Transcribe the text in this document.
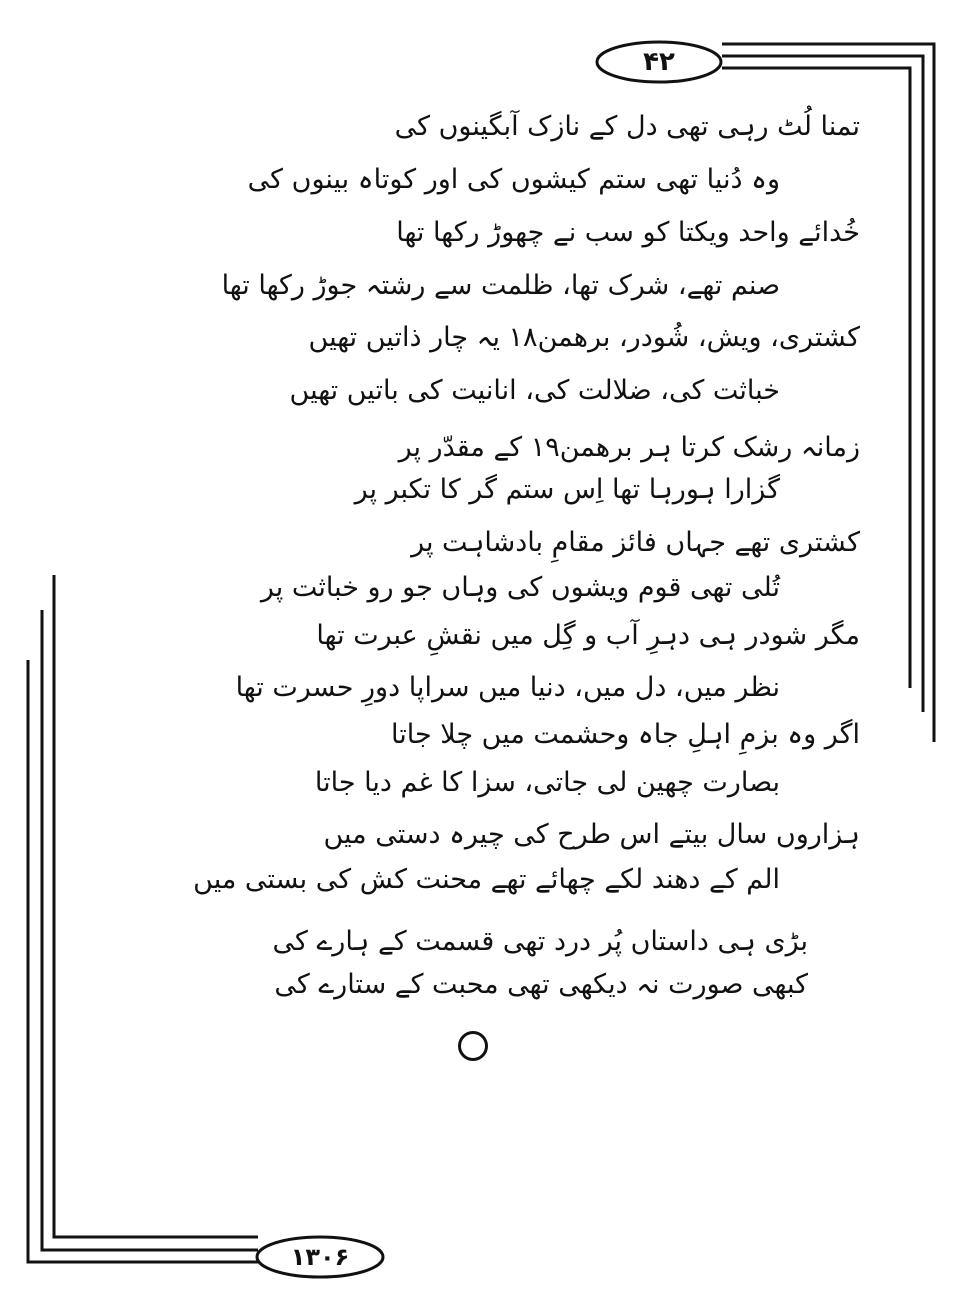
۴۲
۱۳۰۶
تمنا لُٹ رہی تھی دل کے نازک آبگینوں کی
وہ دُنیا تھی ستم کیشوں کی اور کوتاہ بینوں کی
خُدائے واحد ویکتا کو سب نے چھوڑ رکھا تھا
صنم تھے، شرک تھا، ظلمت سے رشتہ جوڑ رکھا تھا
کشتری، ویش، شُودر، برھمن۱۸ یہ چار ذاتیں تھیں
خباثت کی، ضلالت کی، انانیت کی باتیں تھیں
زمانہ رشک کرتا ہر برھمن۱۹ کے مقدّر پر
گزارا ہورہا تھا اِس ستم گر کا تکبر پر
کشتری تھے جہاں فائز مقامِ بادشاہت پر
تُلی تھی قوم ویشوں کی وہاں جو رو خباثت پر
مگر شودر ہی دہرِ آب و گِل میں نقشِ عبرت تھا
نظر میں، دل میں، دنیا میں سراپا دورِ حسرت تھا
اگر وہ بزمِ اہلِ جاہ وحشمت میں چلا جاتا
بصارت چھین لی جاتی، سزا کا غم دیا جاتا
ہزاروں سال بیتے اس طرح کی چیرہ دستی میں
الم کے دھند لکے چھائے تھے محنت کش کی بستی میں
بڑی ہی داستاں پُر درد تھی قسمت کے ہارے کی
کبھی صورت نہ دیکھی تھی محبت کے ستارے کی
